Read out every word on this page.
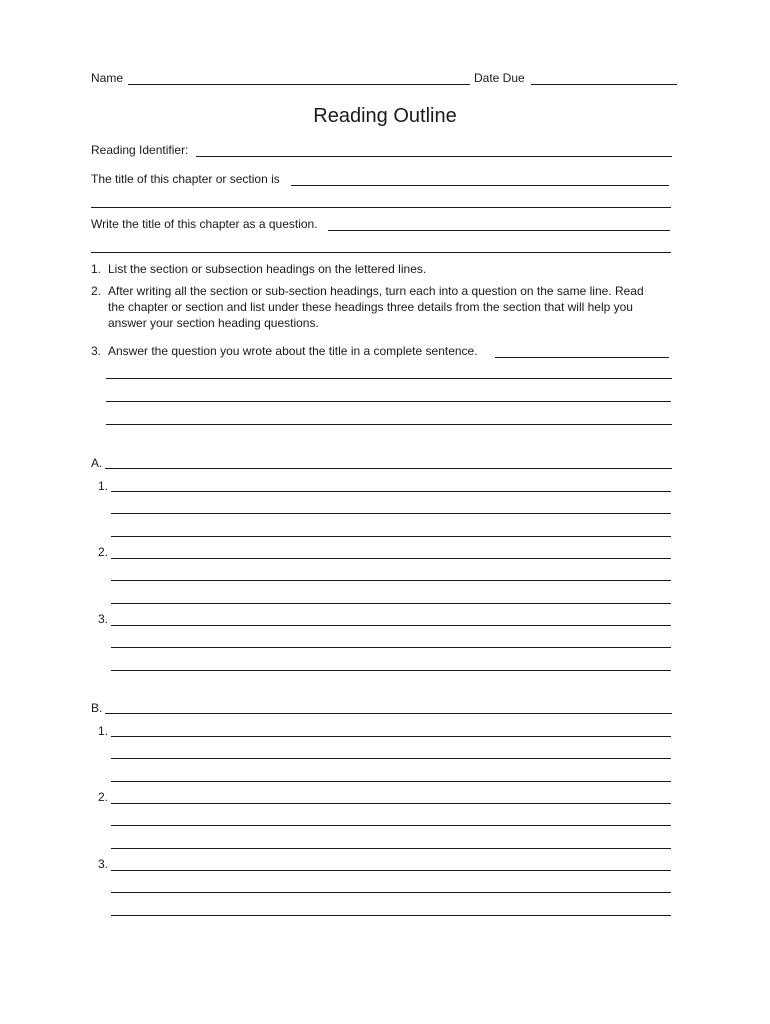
Name	Date Due
Reading Outline
Reading Identifier:
The title of this chapter or section is
Write the title of this chapter as a question.
1. List the section or subsection headings on the lettered lines.
2. After writing all the section or sub-section headings, turn each into a question on the same line. Read the chapter or section and list under these headings three details from the section that will help you answer your section heading questions.
3. Answer the question you wrote about the title in a complete sentence.
A.
1.
2.
3.
B.
1.
2.
3.
